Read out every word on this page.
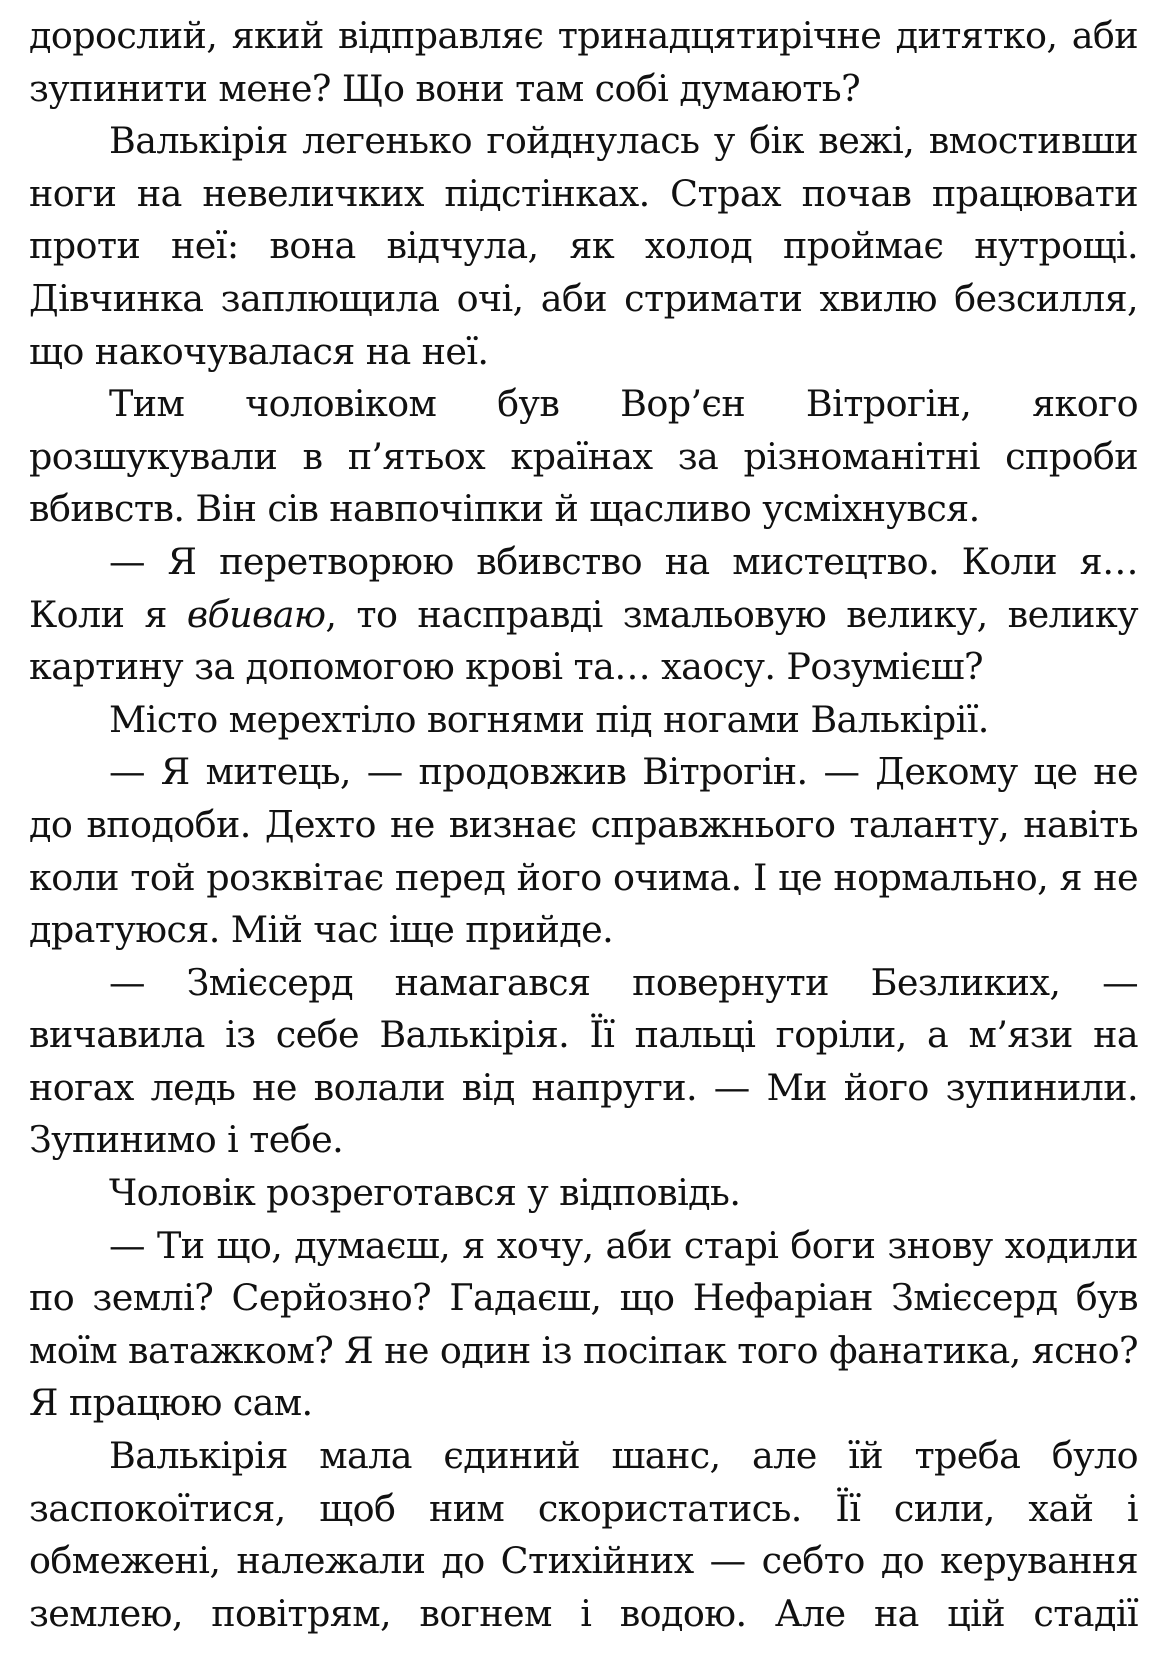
дорослий, який відправляє тринадцятирічне дитятко, аби зупинити мене? Що вони там собі думають?

Валькірія легенько гойднулась у бік вежі, вмостивши ноги на невеличких підстінках. Страх почав працювати проти неї: вона відчула, як холод проймає нутрощі. Дівчинка заплющила очі, аби стримати хвилю безсилля, що накочувалася на неї.

Тим чоловіком був Вор’єн Вітрогін, якого розшукували в п’ятьох країнах за різноманітні спроби вбивств. Він сів навпочіпки й щасливо усміхнувся.

— Я перетворюю вбивство на мистецтво. Коли я… Коли я вбиваю, то насправді змальовую велику, велику картину за допомогою крові та… хаосу. Розумієш?

Місто мерехтіло вогнями під ногами Валькірії.

— Я митець, — продовжив Вітрогін. — Декому це не до вподоби. Дехто не визнає справжнього таланту, навіть коли той розквітає перед його очима. І це нормально, я не дратуюся. Мій час іще прийде.

— Змієсерд намагався повернути Безликих, — вичавила із себе Валькірія. Її пальці горіли, а м’язи на ногах ледь не волали від напруги. — Ми його зупинили. Зупинимо і тебе.

Чоловік розреготався у відповідь.

— Ти що, думаєш, я хочу, аби старі боги знову ходили по землі? Серйозно? Гадаєш, що Нефаріан Змієсерд був моїм ватажком? Я не один із посіпак того фанатика, ясно?Я працюю сам.

Валькірія мала єдиний шанс, але їй треба було заспокоїтися, щоб ним скористатись. Її сили, хай і обмежені, належали до Стихійних — себто до керування землею, повітрям, вогнем і водою. Але на цій стадії
